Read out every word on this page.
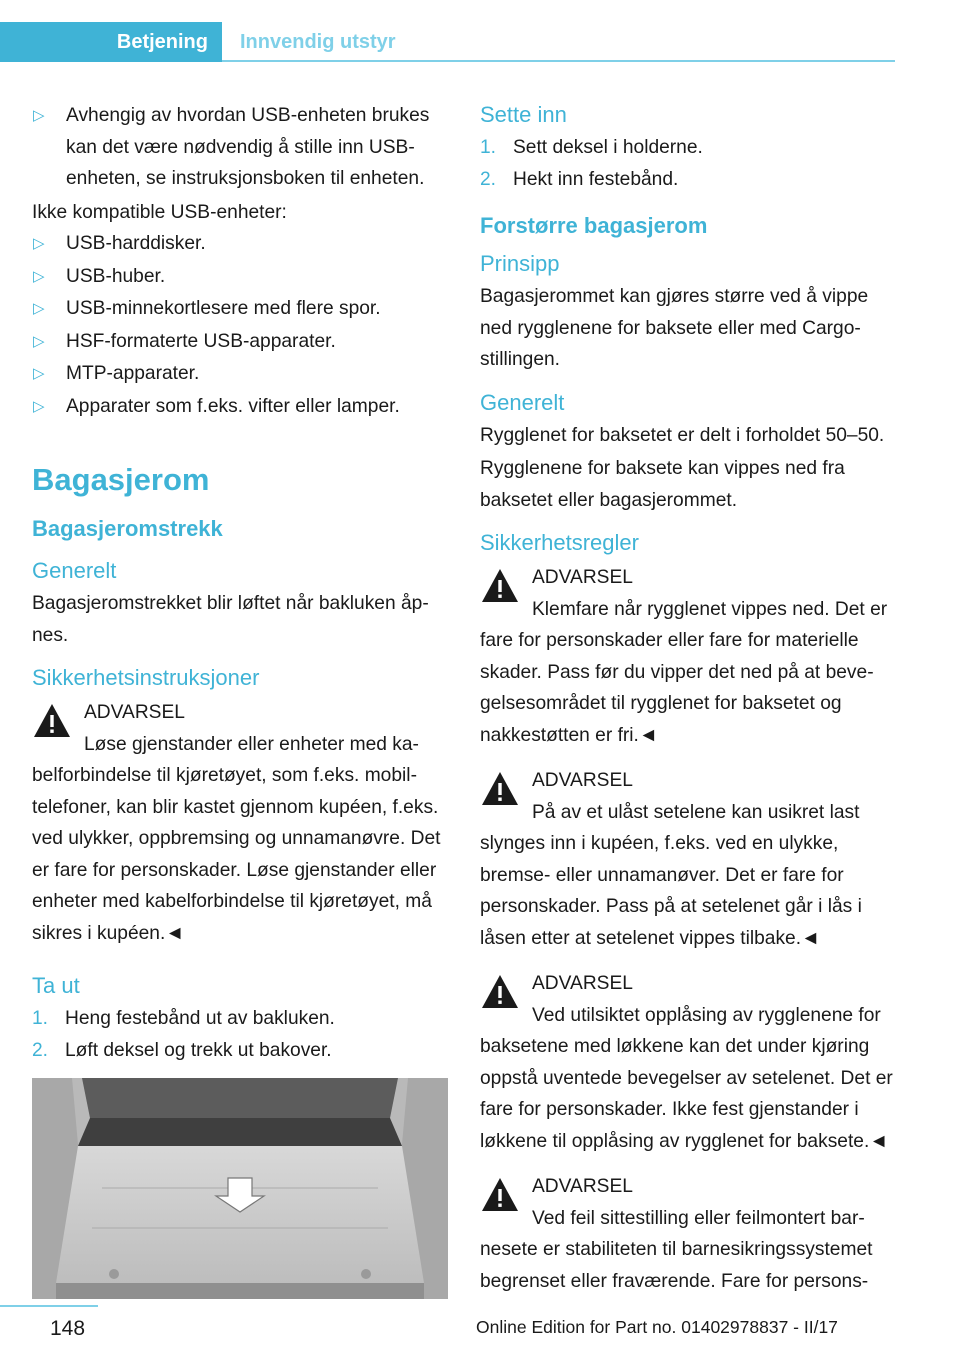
Betjening Innvendig utstyr
▷ Avhengig av hvordan USB-enheten brukes kan det være nødvendig å stille inn USB-enheten, se instruksjonsboken til enheten.

Ikke kompatible USB-enheter:

▷ USB-harddisker.
▷ USB-huber.
▷ USB-minnekortlesere med flere spor.
▷ HSF-formaterte USB-apparater.
▷ MTP-apparater.
▷ Apparater som f.eks. vifter eller lamper.
Bagasjerom
Bagasjeromstrekk
Generelt

Bagasjeromstrekket blir løftet når bakluken åpnes.

Sikkerhetsinstruksjoner

ADVARSEL
Løse gjenstander eller enheter med kabelforbindelse til kjøretøyet, som f.eks. mobiltelefoner, kan blir kastet gjennom kupéen, f.eks. ved ulykker, oppbremsing og unnamanøvre. Det er fare for personskader. Løse gjenstander eller enheter med kabelforbindelse til kjøretøyet, må sikres i kupéen.◄

Ta ut
1. Heng festebånd ut av bakluken.
2. Løft deksel og trekk ut bakover.
Sette inn
1. Sett deksel i holderne.
2. Hekt inn festebånd.
Forstørre bagasjerom
Prinsipp

Bagasjerommet kan gjøres større ved å vippe ned rygglenene for baksete eller med Cargo-stillingen.

Generelt

Rygglenet for baksetet er delt i forholdet 50–50.

Rygglenene for baksete kan vippes ned fra baksetet eller bagasjerommet.

Sikkerhetsregler

ADVARSEL
Klemfare når rygglenet vippes ned. Det er fare for personskader eller fare for materielle skader. Pass før du vipper det ned på at bevegelsesområdet til rygglenet for baksetet og nakkestøtten er fri.◄

ADVARSEL
På av et ulåst setelene kan usikret last slynges inn i kupéen, f.eks. ved en ulykke, bremse- eller unnamanøver. Det er fare for personskader. Pass på at setelenet går i lås i låsen etter at setelenet vippes tilbake.◄

ADVARSEL
Ved utilsiktet opplåsing av rygglenene for baksetene med løkkene kan det under kjøring oppstå uventede bevegelser av setelenet. Det er fare for personskader. Ikke fest gjenstander i løkkene til opplåsing av rygglenet for baksete.◄

ADVARSEL
Ved feil sittestilling eller feilmontert barnesete er stabiliteten til barnesikringssystemet begrenset eller fraværende. Fare for persons-

148	Online Edition for Part no. 01402978837 - II/17
